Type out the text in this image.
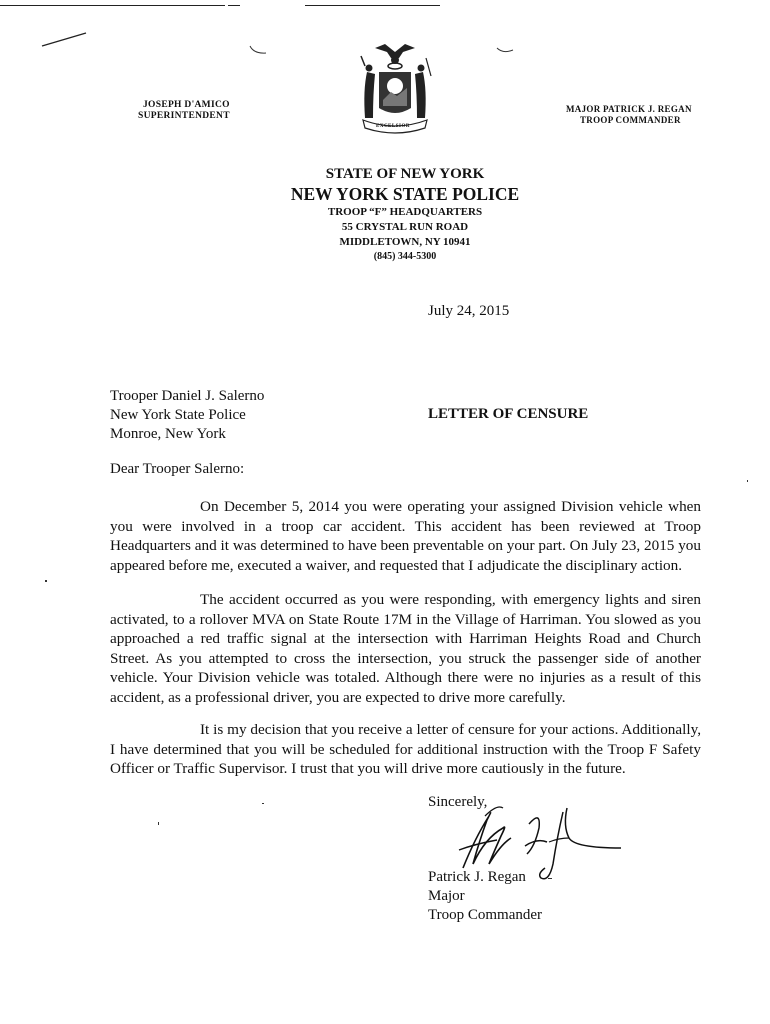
JOSEPH D'AMICO
SUPERINTENDENT
MAJOR PATRICK J. REGAN
TROOP COMMANDER
EXCELSIOR
STATE OF NEW YORK
NEW YORK STATE POLICE
TROOP “F” HEADQUARTERS
55 CRYSTAL RUN ROAD
MIDDLETOWN, NY 10941
(845) 344-5300
July 24, 2015
Trooper Daniel J. Salerno
New York State Police
Monroe, New York
LETTER OF CENSURE
Dear Trooper Salerno:
On December 5, 2014 you were operating your assigned Division vehicle when you were involved in a troop car accident. This accident has been reviewed at Troop Headquarters and it was determined to have been preventable on your part. On July 23, 2015 you appeared before me, executed a waiver, and requested that I adjudicate the disciplinary action.
The accident occurred as you were responding, with emergency lights and siren activated, to a rollover MVA on State Route 17M in the Village of Harriman. You slowed as you approached a red traffic signal at the intersection with Harriman Heights Road and Church Street. As you attempted to cross the intersection, you struck the passenger side of another vehicle. Your Division vehicle was totaled. Although there were no injuries as a result of this accident, as a professional driver, you are expected to drive more carefully.
It is my decision that you receive a letter of censure for your actions. Additionally, I have determined that you will be scheduled for additional instruction with the Troop F Safety Officer or Traffic Supervisor. I trust that you will drive more cautiously in the future.
Sincerely,
Patrick J. Regan
Major
Troop Commander
